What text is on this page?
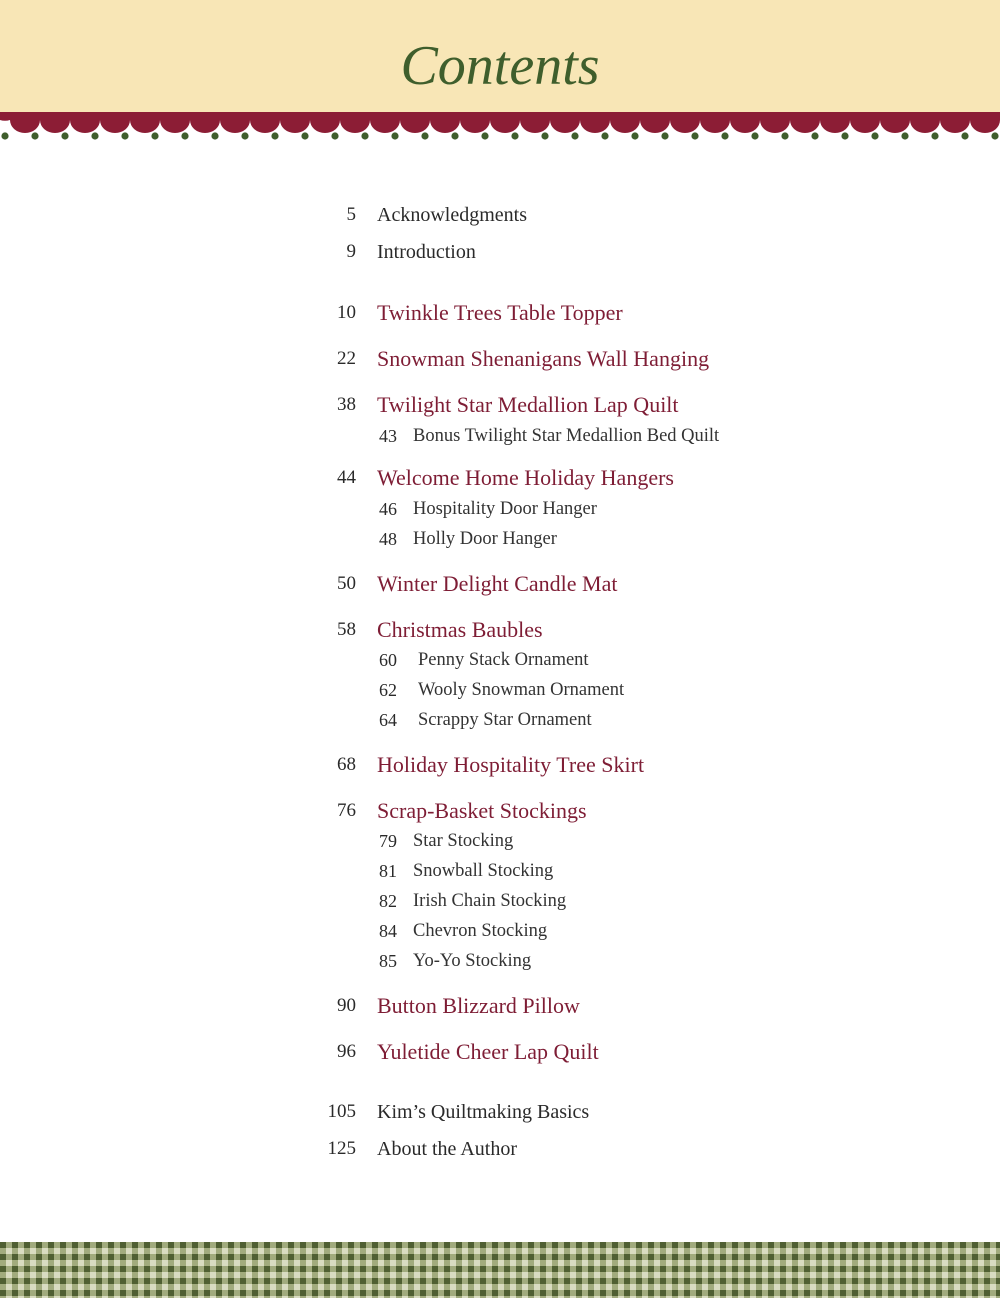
Contents
5 Acknowledgments
9 Introduction
10 Twinkle Trees Table Topper
22 Snowman Shenanigans Wall Hanging
38 Twilight Star Medallion Lap Quilt
43 Bonus Twilight Star Medallion Bed Quilt
44 Welcome Home Holiday Hangers
46 Hospitality Door Hanger
48 Holly Door Hanger
50 Winter Delight Candle Mat
58 Christmas Baubles
60 Penny Stack Ornament
62 Wooly Snowman Ornament
64 Scrappy Star Ornament
68 Holiday Hospitality Tree Skirt
76 Scrap-Basket Stockings
79 Star Stocking
81 Snowball Stocking
82 Irish Chain Stocking
84 Chevron Stocking
85 Yo-Yo Stocking
90 Button Blizzard Pillow
96 Yuletide Cheer Lap Quilt
105 Kim’s Quiltmaking Basics
125 About the Author
